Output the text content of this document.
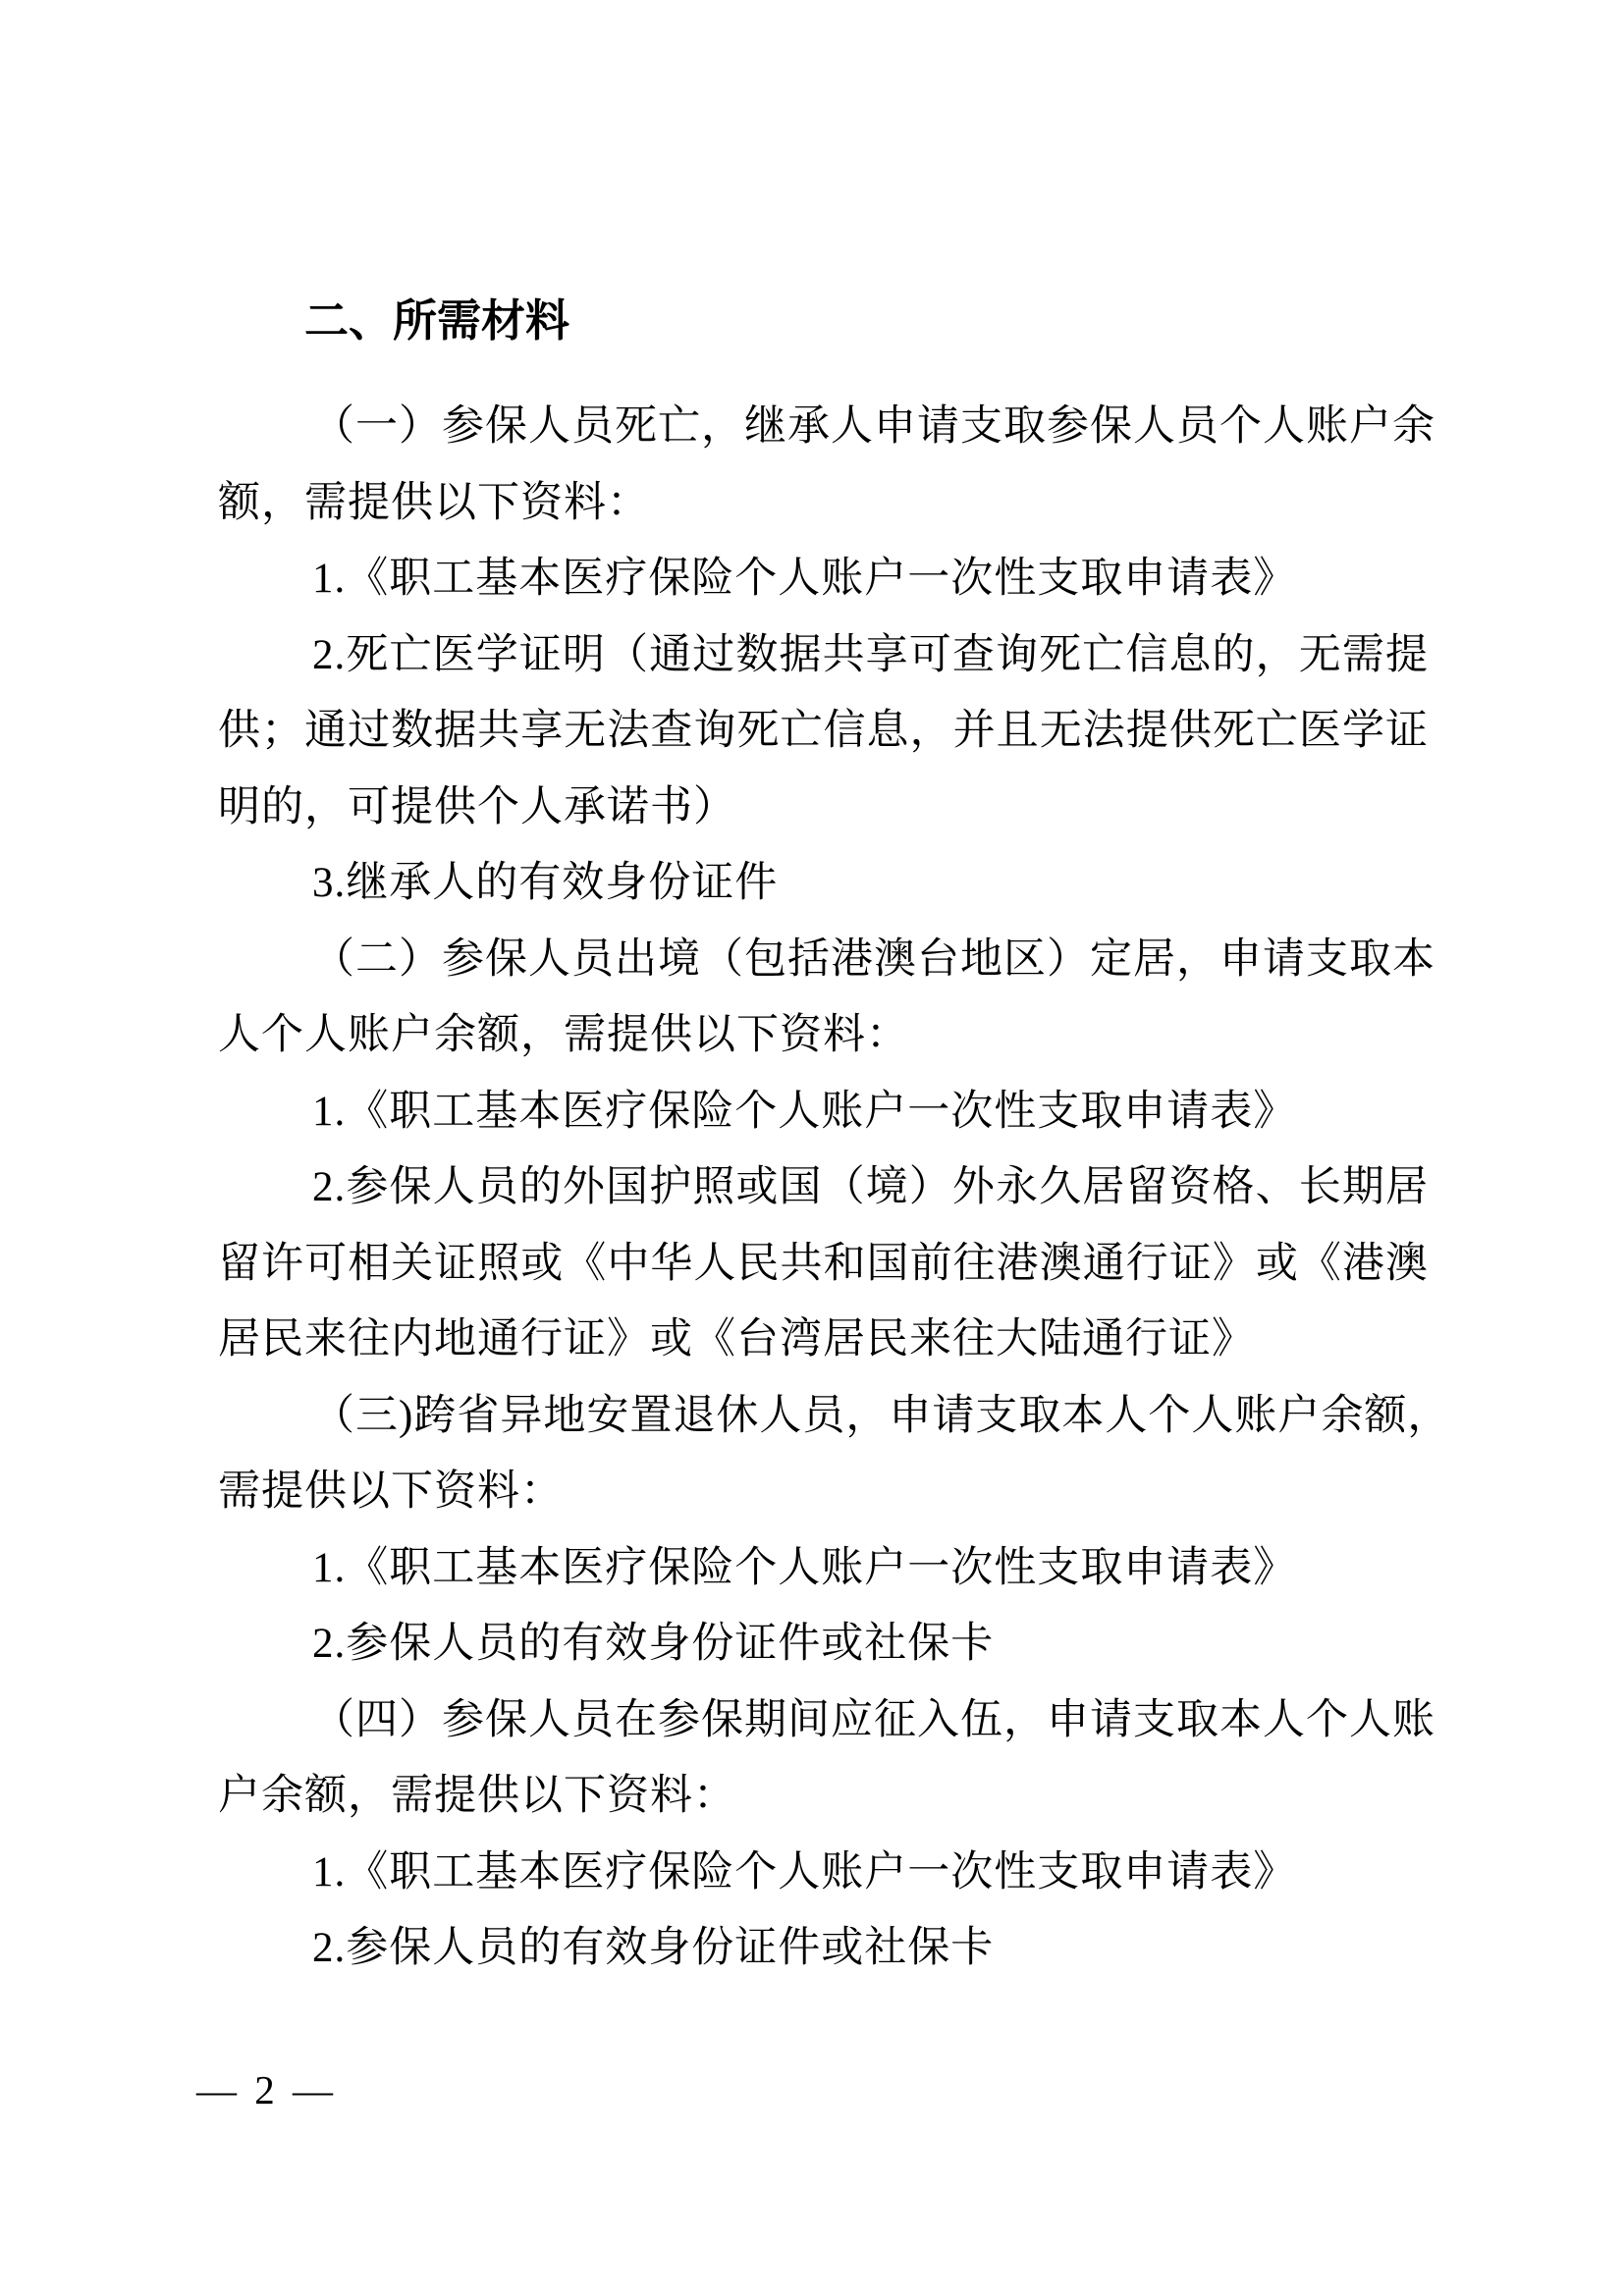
二、所需材料
（一）参保人员死亡，继承人申请支取参保人员个人账户余
额，需提供以下资料：
1.《职工基本医疗保险个人账户一次性支取申请表》
2.死亡医学证明（通过数据共享可查询死亡信息的，无需提
供；通过数据共享无法查询死亡信息，并且无法提供死亡医学证
明的，可提供个人承诺书）
3.继承人的有效身份证件
（二）参保人员出境（包括港澳台地区）定居，申请支取本
人个人账户余额，需提供以下资料：
1.《职工基本医疗保险个人账户一次性支取申请表》
2.参保人员的外国护照或国（境）外永久居留资格、长期居
留许可相关证照或《中华人民共和国前往港澳通行证》或《港澳
居民来往内地通行证》或《台湾居民来往大陆通行证》
（三)跨省异地安置退休人员，申请支取本人个人账户余额，
需提供以下资料：
1.《职工基本医疗保险个人账户一次性支取申请表》
2.参保人员的有效身份证件或社保卡
（四）参保人员在参保期间应征入伍，申请支取本人个人账
户余额，需提供以下资料：
1.《职工基本医疗保险个人账户一次性支取申请表》
2.参保人员的有效身份证件或社保卡
— 2 —
